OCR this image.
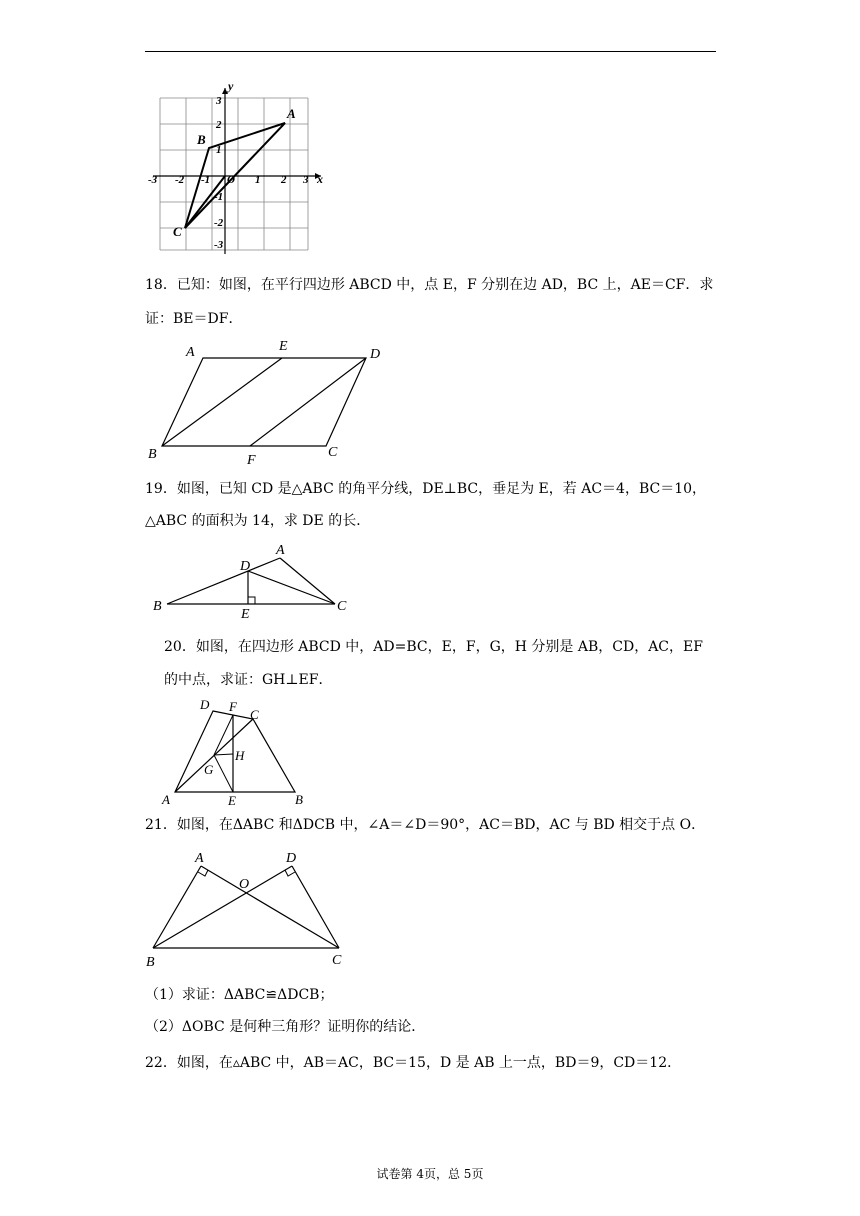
y
x
3
2
1
-1
-2
-3
-3 -2 -1	1 2 3
O
A
B
C
18．已知：如图，在平行四边形 ABCD 中，点 E，F 分别在边 AD，BC 上，AE＝CF．求
证：BE＝DF．
A	E
D
B	F
C
19．如图，已知 CD 是△ABC 的角平分线，DE⊥BC，垂足为 E，若 AC＝4，BC＝10，
△ABC 的面积为 14，求 DE 的长．
A
D
B
E
C
20．如图，在四边形 ABCD 中，AD=BC，E，F，G，H 分别是 AB，CD，AC，EF
的中点，求证：GH⊥EF．
D F
C
H
G
A	E	B
21．如图，在ΔABC 和ΔDCB 中，∠A＝∠D＝90°，AC＝BD，AC 与 BD 相交于点 O．
A	D
O
B	C
（1）求证：ΔABC≌ΔDCB；
（2）ΔOBC 是何种三角形？证明你的结论．
22．如图，在▵ABC 中，AB＝AC，BC＝15，D 是 AB 上一点，BD＝9，CD＝12．
试卷第 4页，总 5页
